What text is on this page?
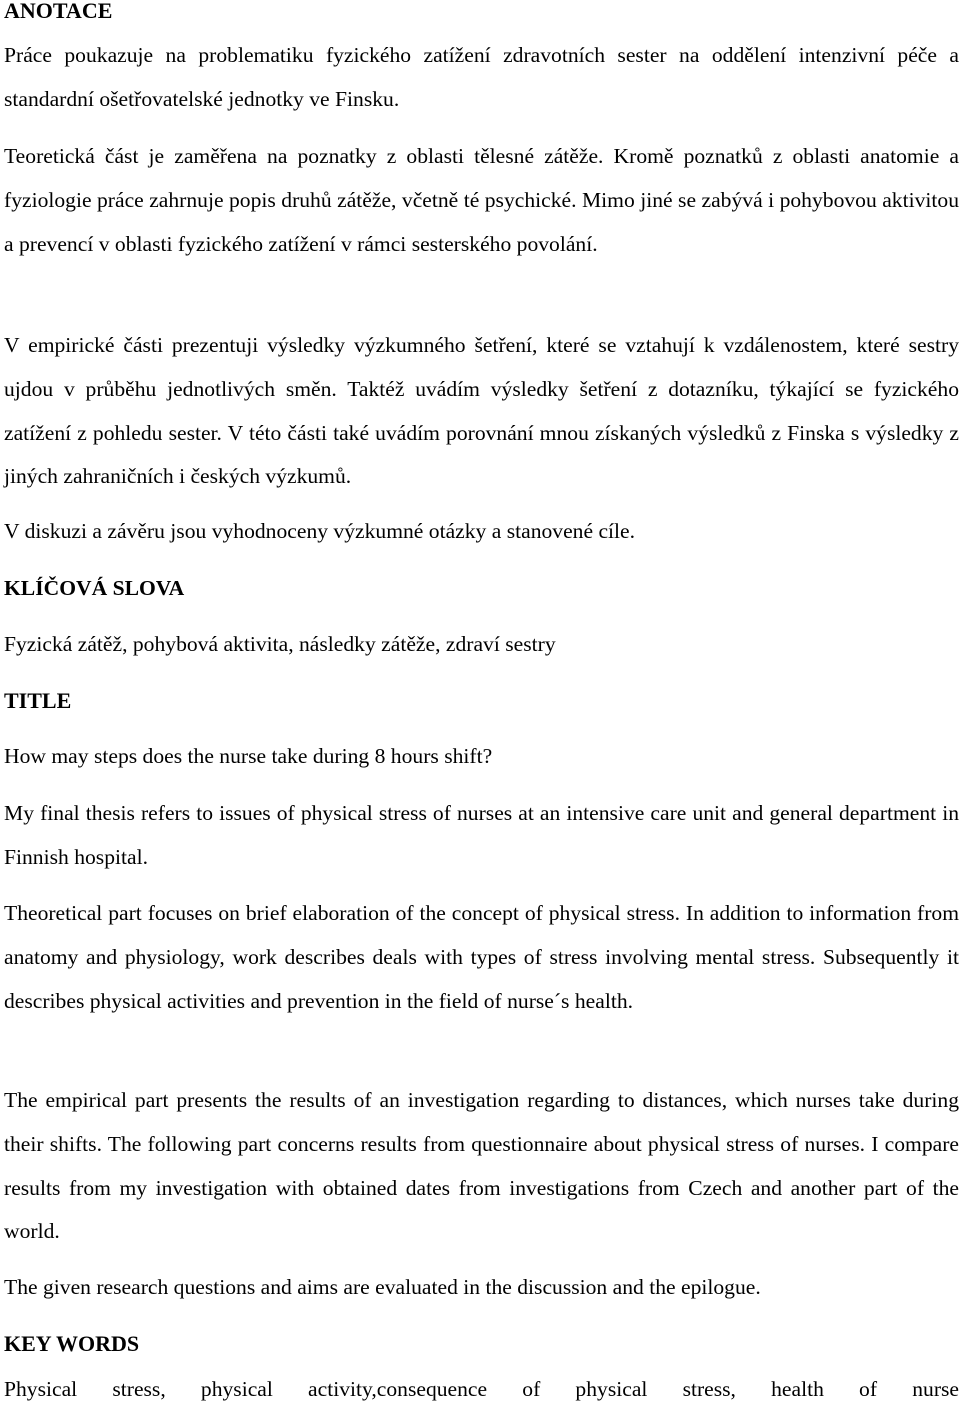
ANOTACE

Práce poukazuje na problematiku fyzického zatížení zdravotních sester na oddělení intenzivní péče a standardní ošetřovatelské jednotky ve Finsku.

Teoretická část je zaměřena na poznatky z oblasti tělesné zátěže. Kromě poznatků z oblasti anatomie a fyziologie práce zahrnuje popis druhů zátěže, včetně té psychické. Mimo jiné se zabývá i pohybovou aktivitou a prevencí v oblasti fyzického zatížení v rámci sesterského povolání.

V empirické části prezentuji výsledky výzkumného šetření, které se vztahují k vzdálenostem, které sestry ujdou v průběhu jednotlivých směn. Taktéž uvádím výsledky šetření z dotazníku, týkající se fyzického zatížení z pohledu sester. V této části také uvádím porovnání mnou získaných výsledků z Finska s výsledky z jiných zahraničních i českých výzkumů.

V diskuzi a závěru jsou vyhodnoceny výzkumné otázky a stanovené cíle.

KLÍČOVÁ SLOVA

Fyzická zátěž, pohybová aktivita, následky zátěže, zdraví sestry

TITLE

How may steps does the nurse take during 8 hours shift?

My final thesis refers to issues of physical stress of nurses at an intensive care unit and general department in Finnish hospital.

Theoretical part focuses on brief elaboration of the concept of physical stress. In addition to information from anatomy and physiology, work describes deals with types of stress involving mental stress. Subsequently it describes physical activities and prevention in the field of nurse´s health.

The empirical part presents the results of an investigation regarding to distances, which nurses take during their shifts. The following part concerns results from questionnaire about physical stress of nurses. I compare results from my investigation with obtained dates from investigations from Czech and another part of the world.

The given research questions and aims are evaluated in the discussion and the epilogue.

KEY WORDS

Physical stress, physical activity,consequence of physical stress, health of nurse
